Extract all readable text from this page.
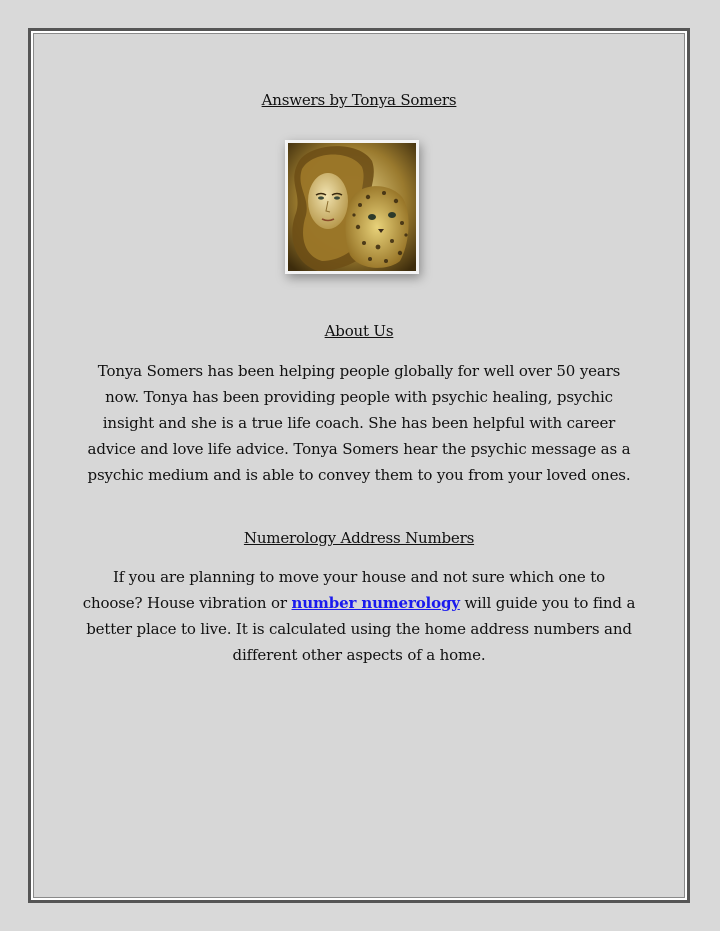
Answers by Tonya Somers
About Us
Tonya Somers has been helping people globally for well over 50 years now. Tonya has been providing people with psychic healing, psychic insight and she is a true life coach. She has been helpful with career advice and love life advice. Tonya Somers hear the psychic message as a psychic medium and is able to convey them to you from your loved ones.
Numerology Address Numbers
If you are planning to move your house and not sure which one to choose? House vibration or number numerology will guide you to find a better place to live. It is calculated using the home address numbers and different other aspects of a home.
